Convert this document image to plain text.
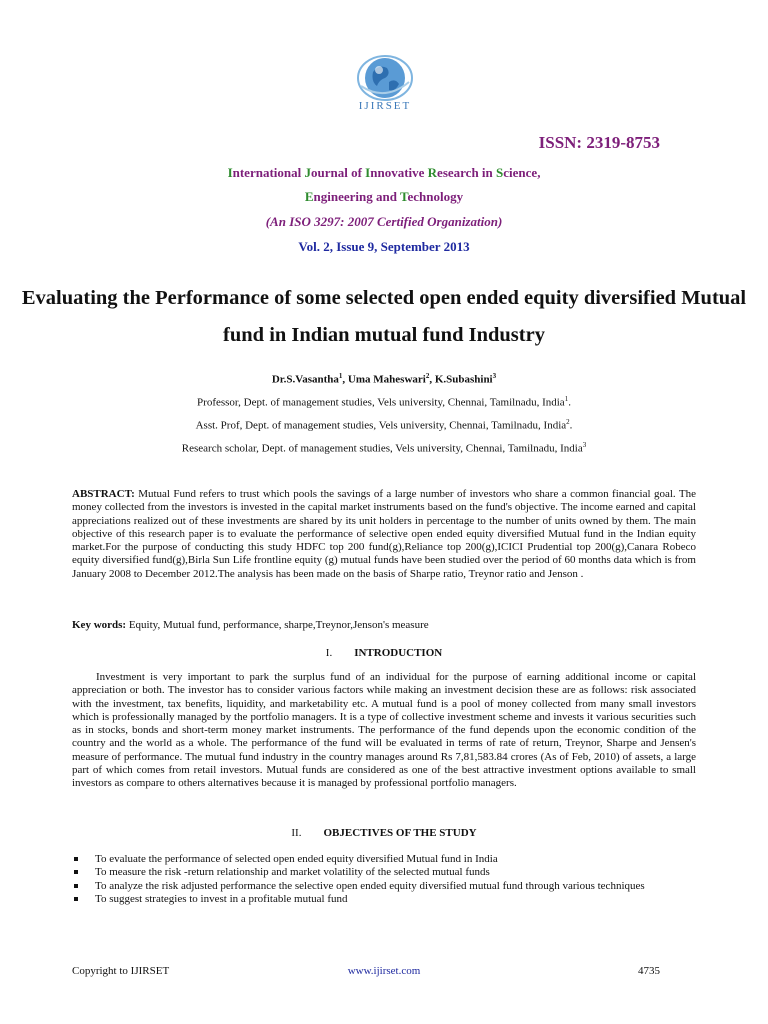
IJIRSET
ISSN: 2319-8753
International Journal of Innovative Research in Science,
Engineering and Technology
(An ISO 3297: 2007 Certified Organization)
Vol. 2, Issue 9, September 2013
Evaluating the Performance of some selected open ended equity diversified Mutual fund in Indian mutual fund Industry
Dr.S.Vasantha$^1$, Uma Maheswari$^2$, K.Subashini$^3$
Professor, Dept. of management studies, Vels university, Chennai, Tamilnadu, India$^1$.
Asst. Prof, Dept. of management studies, Vels university, Chennai, Tamilnadu, India$^2$.
Research scholar, Dept. of management studies, Vels university, Chennai, Tamilnadu, India$^3$
ABSTRACT: Mutual Fund refers to trust which pools the savings of a large number of investors who share a common financial goal. The money collected from the investors is invested in the capital market instruments based on the fund's objective. The income earned and capital appreciations realized out of these investments are shared by its unit holders in percentage to the number of units owned by them. The main objective of this research paper is to evaluate the performance of selective open ended equity diversified Mutual fund in the Indian equity market.For the purpose of conducting this study HDFC top 200 fund(g),Reliance top 200(g),ICICI Prudential top 200(g),Canara Robeco equity diversified fund(g),Birla Sun Life frontline equity (g) mutual funds have been studied over the period of 60 months data which is from January 2008 to December 2012.The analysis has been made on the basis of Sharpe ratio, Treynor ratio and Jenson .
Key words: Equity, Mutual fund, performance, sharpe,Treynor,Jenson's measure
I. INTRODUCTION
Investment is very important to park the surplus fund of an individual for the purpose of earning additional income or capital appreciation or both. The investor has to consider various factors while making an investment decision these are as follows: risk associated with the investment, tax benefits, liquidity, and marketability etc. A mutual fund is a pool of money collected from many small investors which is professionally managed by the portfolio managers. It is a type of collective investment scheme and invests it various securities such as in stocks, bonds and short-term money market instruments. The performance of the fund depends upon the economic condition of the country and the world as a whole. The performance of the fund will be evaluated in terms of rate of return, Treynor, Sharpe and Jensen's measure of performance. The mutual fund industry in the country manages around Rs 7,81,583.84 crores (As of Feb, 2010) of assets, a large part of which comes from retail investors. Mutual funds are considered as one of the best attractive investment options available to small investors as compare to others alternatives because it is managed by professional portfolio managers.
II. OBJECTIVES OF THE STUDY
To evaluate the performance of selected open ended equity diversified Mutual fund in India
To measure the risk -return relationship and market volatility of the selected mutual funds
To analyze the risk adjusted performance the selective open ended equity diversified mutual fund through various techniques
To suggest strategies to invest in a profitable mutual fund
Copyright to IJIRSET	www.ijirset.com	4735
